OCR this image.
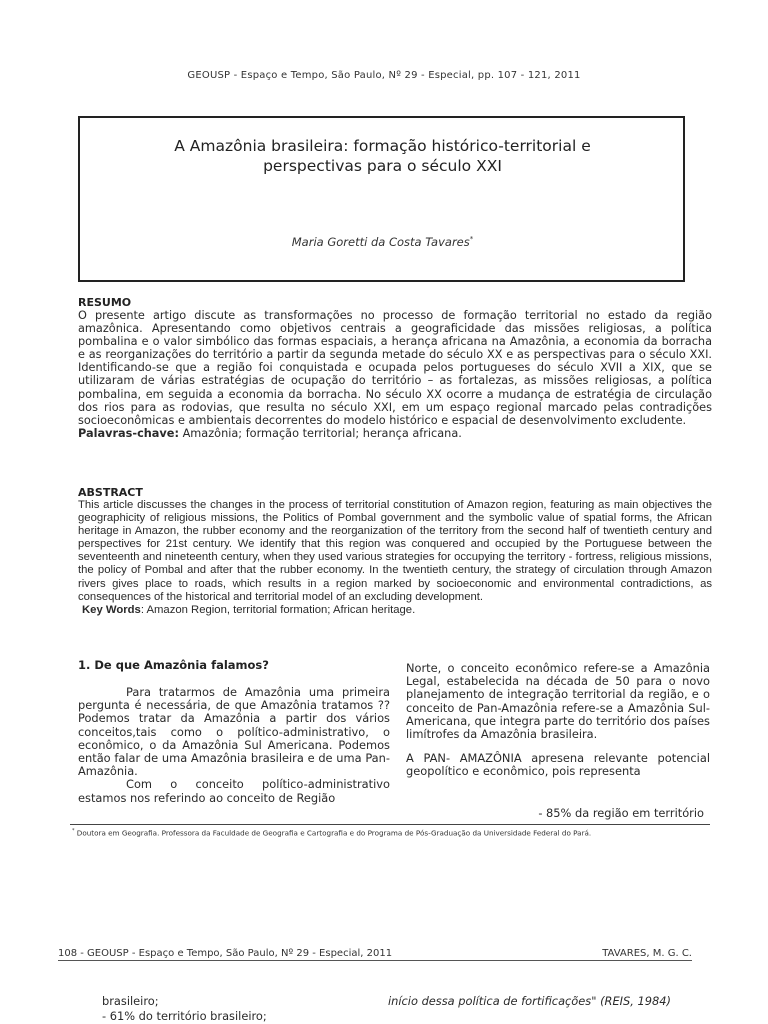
GEOUSP - Espaço e Tempo, São Paulo, Nº 29 - Especial, pp. 107 - 121, 2011
A Amazônia brasileira: formação histórico-territorial e
perspectivas para o século XXI
Maria Goretti da Costa Tavares*
RESUMO
O presente artigo discute as transformações no processo de formação territorial no estado da região amazônica. Apresentando como objetivos centrais a geograficidade das missões religiosas, a política pombalina e o valor simbólico das formas espaciais, a herança africana na Amazônia, a economia da borracha e as reorganizações do território a partir da segunda metade do século XX e as perspectivas para o século XXI. Identificando-se que a região foi conquistada e ocupada pelos portugueses do século XVII a XIX, que se utilizaram de várias estratégias de ocupação do território – as fortalezas, as missões religiosas, a política pombalina, em seguida a economia da borracha. No século XX ocorre a mudança de estratégia de circulação dos rios para as rodovias, que resulta no século XXI, em um espaço regional marcado pelas contradições socioeconômicas e ambientais decorrentes do modelo histórico e espacial de desenvolvimento excludente.
Palavras-chave: Amazônia; formação territorial; herança africana.
ABSTRACT
This article discusses the changes in the process of territorial constitution of Amazon region, featuring as main objectives the geographicity of religious missions, the Politics of Pombal government and the symbolic value of spatial forms, the African heritage in Amazon, the rubber economy and the reorganization of the territory from the second half of twentieth century and perspectives for 21st century. We identify that this region was conquered and occupied by the Portuguese between the seventeenth and nineteenth century, when they used various strategies for occupying the territory - fortress, religious missions, the policy of Pombal and after that the rubber economy. In the twentieth century, the strategy of circulation through Amazon rivers gives place to roads, which results in a region marked by socioeconomic and environmental contradictions, as consequences of the historical and territorial model of an excluding development.
Key Words: Amazon Region, territorial formation; African heritage.
1. De que Amazônia falamos?

Para tratarmos de Amazônia uma primeira pergunta é necessária, de que Amazônia tratamos ?? Podemos tratar da Amazônia a partir dos vários conceitos,tais como o político-administrativo, o econômico, o da Amazônia Sul Americana. Podemos então falar de uma Amazônia brasileira e de uma Pan-Amazônia.

Com o conceito político-administrativo estamos nos referindo ao conceito de Região

Norte, o conceito econômico refere-se a Amazônia Legal, estabelecida na década de 50 para o novo planejamento de integração territorial da região, e o conceito de Pan-Amazônia refere-se a Amazônia Sul-Americana, que integra parte do território dos países limítrofes da Amazônia brasileira.

A PAN- AMAZÔNIA apresena relevante potencial geopolítico e econômico, pois representa

- 85% da região em território
* Doutora em Geografia. Professora da Faculdade de Geografia e Cartografia e do Programa de Pós-Graduação da Universidade Federal do Pará.
108 - GEOUSP - Espaço e Tempo, São Paulo, Nº 29 - Especial, 2011	TAVARES, M. G. C.
brasileiro;
- 61% do território brasileiro;
início dessa política de fortificações" (REIS, 1984)
